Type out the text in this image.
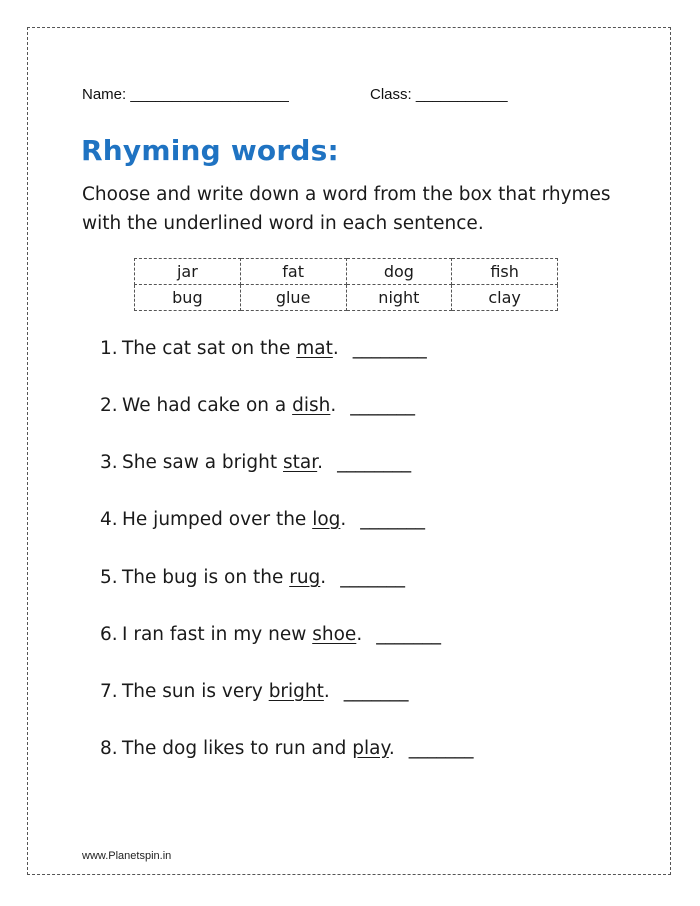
Name: ___________________	Class: ___________
Rhyming words:
Choose and write down a word from the box that rhymes with the underlined word in each sentence.
jar	fat	dog	fish
bug	glue	night	clay
1. The cat sat on the mat. ________
2. We had cake on a dish. _______
3. She saw a bright star. ________
4. He jumped over the log. _______
5. The bug is on the rug. _______
6. I ran fast in my new shoe. _______
7. The sun is very bright. _______
8. The dog likes to run and play. _______
www.Planetspin.in
